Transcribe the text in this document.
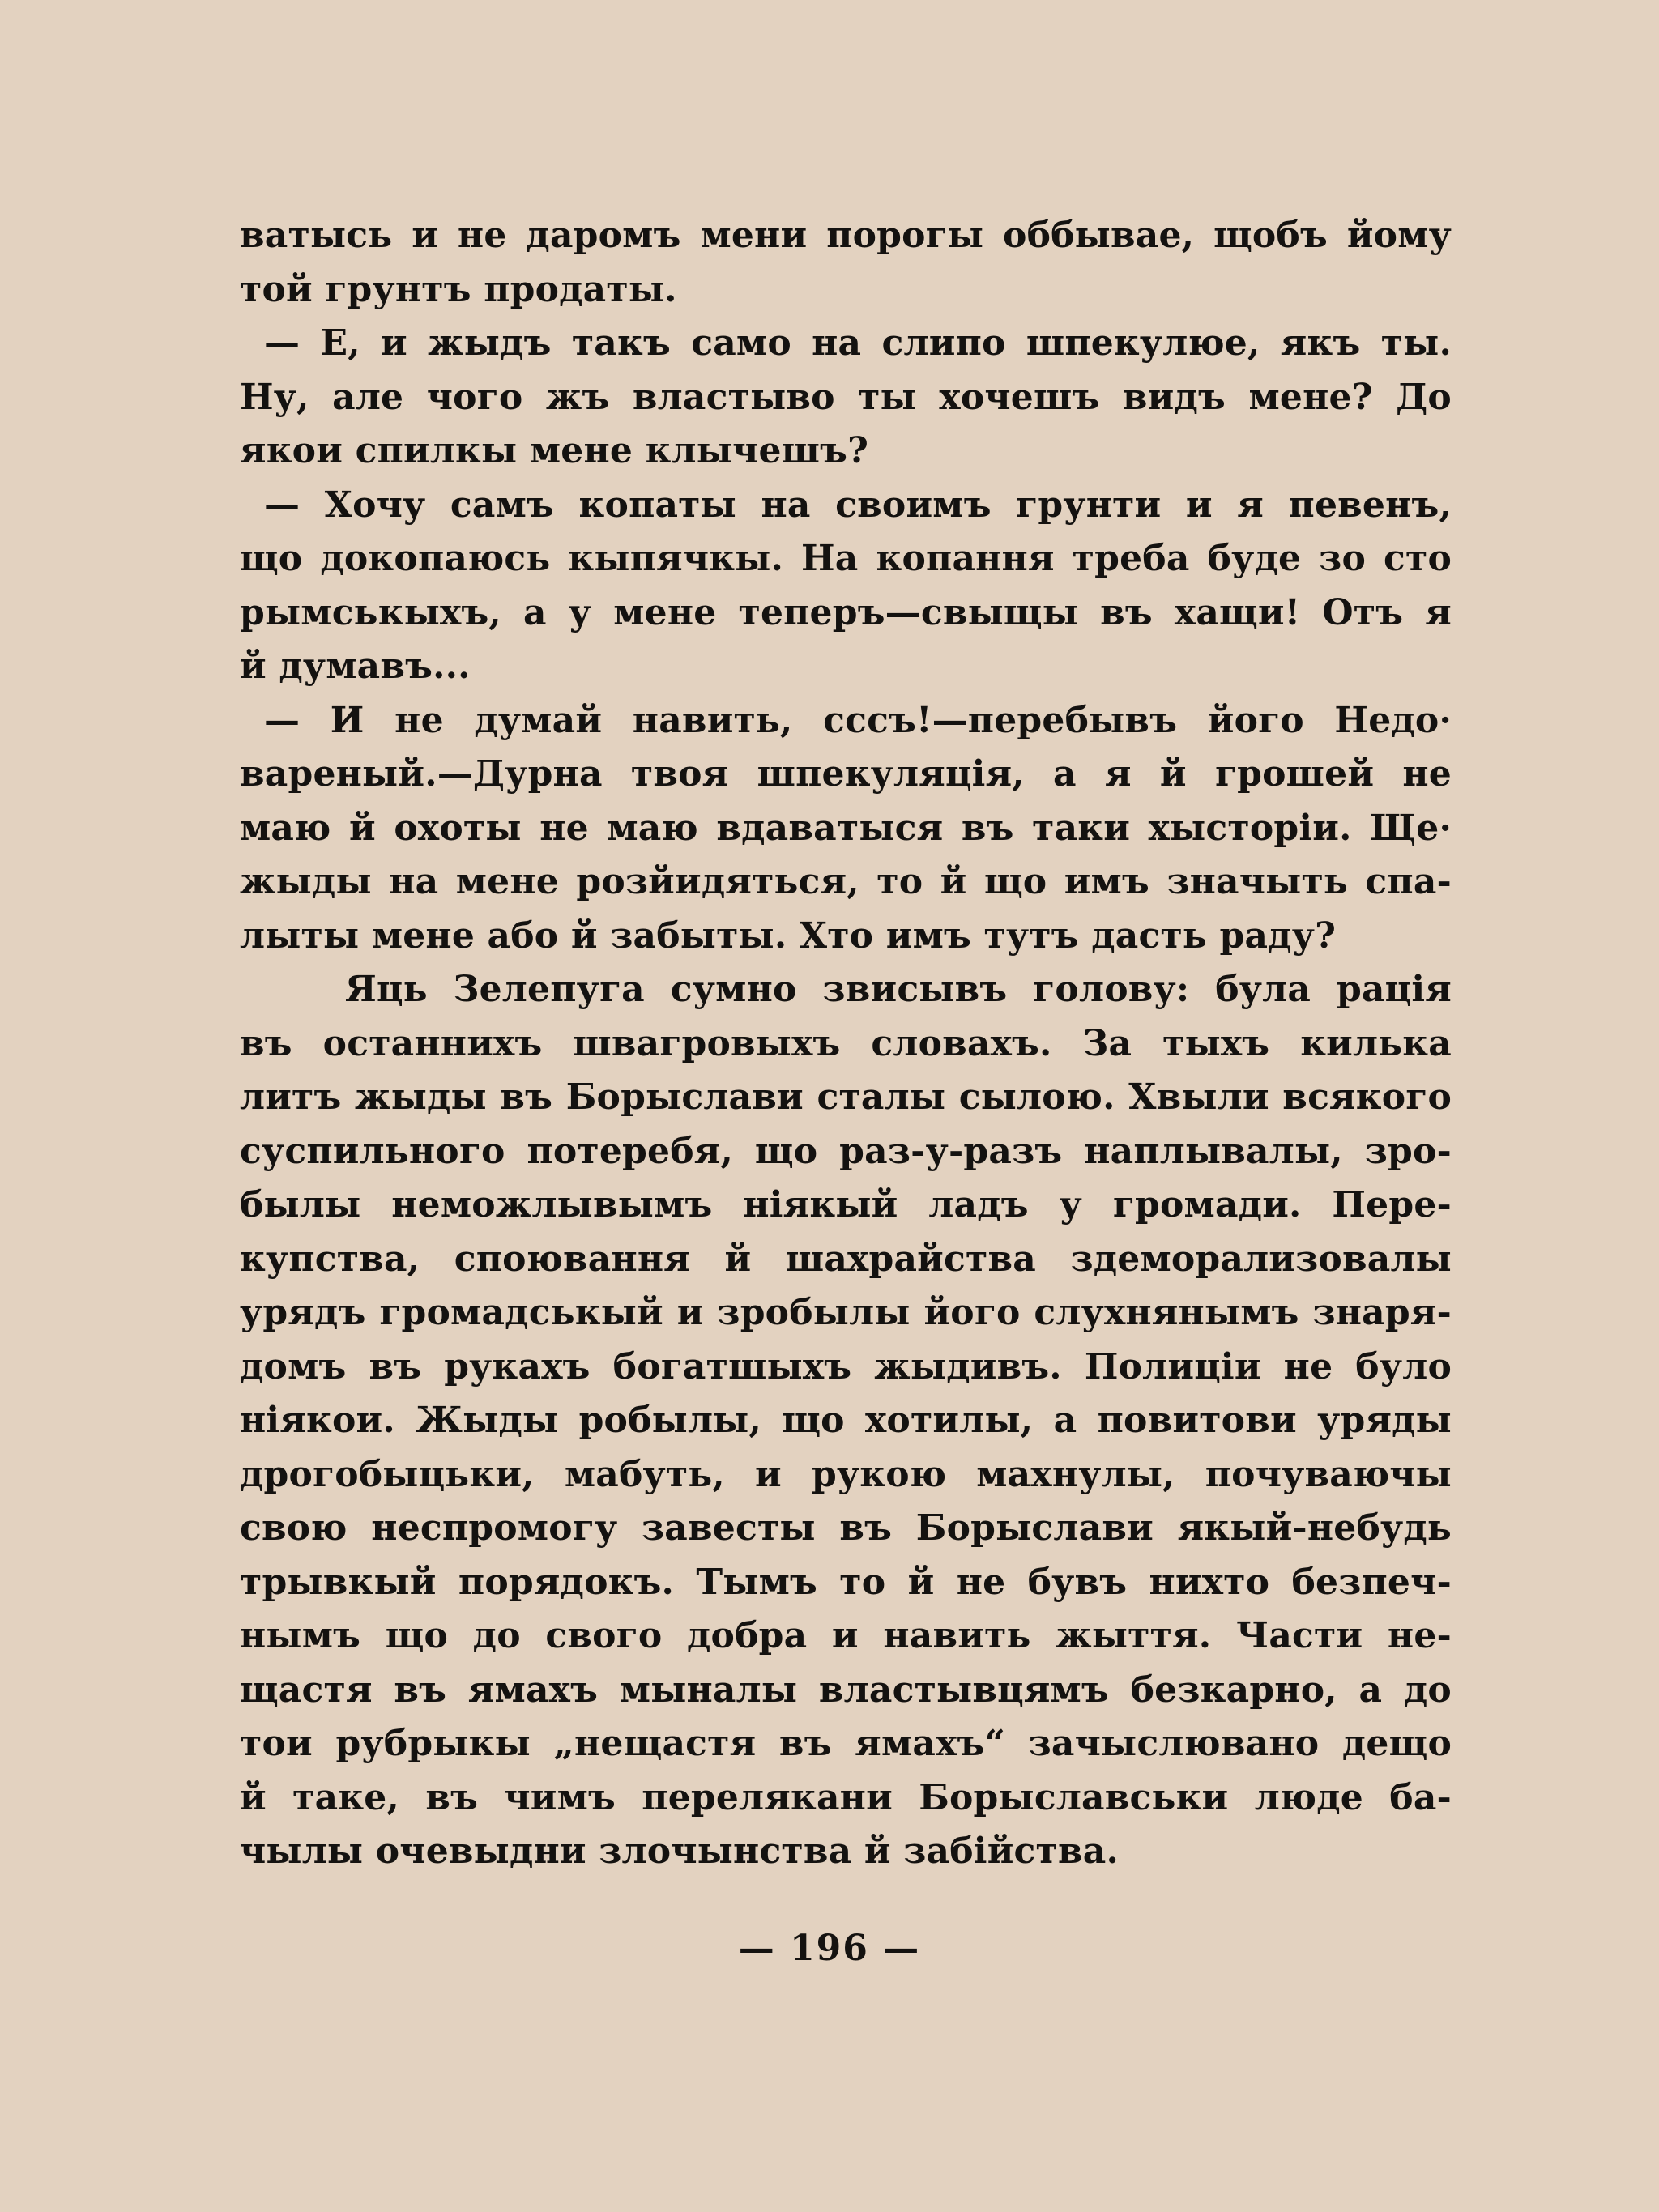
ватысь и не даромъ мени порогы оббывае, щобъ йому
той грунтъ продаты.
— Е, и жыдъ такъ само на слипо шпекулюе, якъ ты.
Ну, але чого жъ властыво ты хочешъ видъ мене? До
якои спилкы мене клычешъ?
— Хочу самъ копаты на своимъ грунти и я певенъ,
що докопаюсь кыпячкы. На копання треба буде зо сто
рымськыхъ, а у мене теперъ—свыщы въ хащи! Отъ я
й думавъ...
— И не думай навить, сссъ!—перебывъ його Недо·
вареный.—Дурна твоя шпекуляція, а я й грошей не
маю й охоты не маю вдаватыся въ таки хысторіи. Ще·
жыды на мене розйидяться, то й що имъ значыть спа-
лыты мене або й забыты. Хто имъ тутъ дасть раду?
Яць Зелепуга сумно звисывъ голову: була рація
въ останнихъ швагровыхъ словахъ. За тыхъ килька
литъ жыды въ Борыслави сталы сылою. Хвыли всякого
суспильного потеребя, що раз-у-разъ наплывалы, зро-
былы неможлывымъ ніякый ладъ у громади. Пере-
купства, споювання й шахрайства здеморализовалы
урядъ громадськый и зробылы його слухнянымъ знаря-
домъ въ рукахъ богатшыхъ жыдивъ. Полиціи не було
ніякои. Жыды робылы, що хотилы, а повитови уряды
дрогобыцьки, мабуть, и рукою махнулы, почуваючы
свою неспромогу завесты въ Борыслави якый-небудь
трывкый порядокъ. Тымъ то й не бувъ нихто безпеч-
нымъ що до свого добра и навить жыття. Части не-
щастя въ ямахъ мыналы властывцямъ безкарно, а до
тои рубрыкы „нещастя въ ямахъ“ зачыслювано дещо
й таке, въ чимъ перелякани Борыславськи люде ба-
чылы очевыдни злочынства й забійства.
— 196 —
